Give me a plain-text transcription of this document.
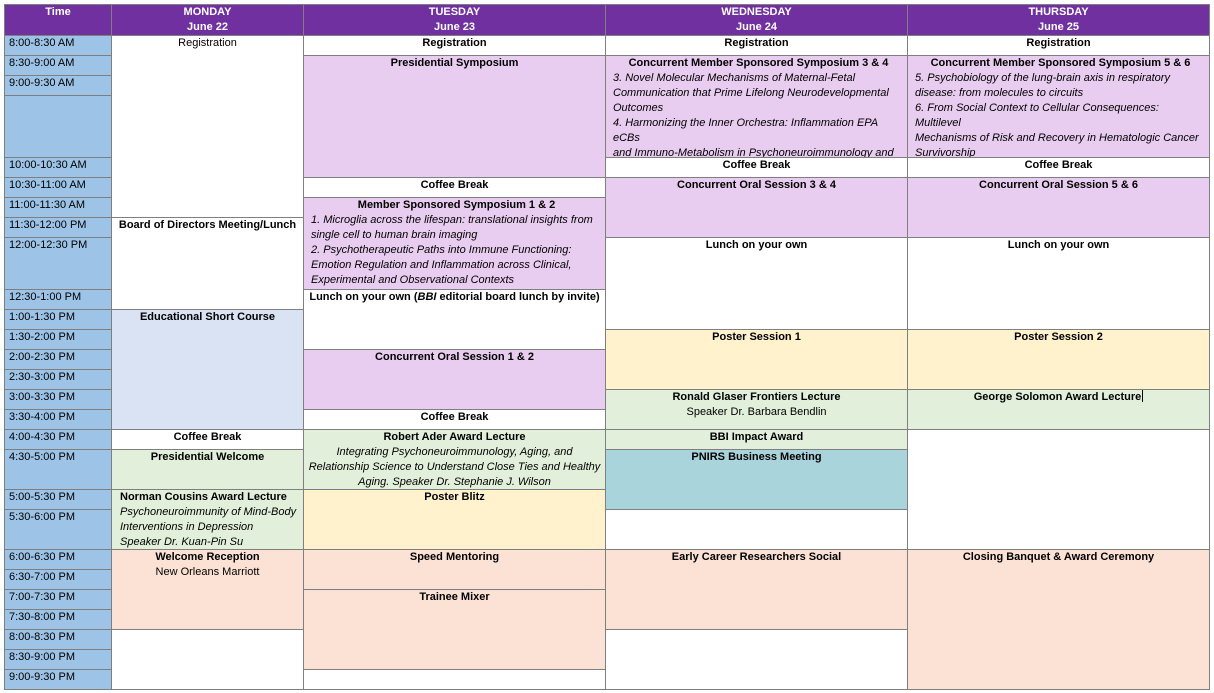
Time	MONDAY
June 22
TUESDAY
June 23
WEDNESDAY
June 24
THURSDAY
June 25
8:00-8:30 AM
8:30-9:00 AM
9:00-9:30 AM
10:00-10:30 AM
10:30-11:00 AM
11:00-11:30 AM
11:30-12:00 PM
12:00-12:30 PM
12:30-1:00 PM
1:00-1:30 PM
1:30-2:00 PM
2:00-2:30 PM
2:30-3:00 PM
3:00-3:30 PM
3:30-4:00 PM
4:00-4:30 PM
4:30-5:00 PM
5:00-5:30 PM
5:30-6:00 PM
6:00-6:30 PM
6:30-7:00 PM
7:00-7:30 PM
7:30-8:00 PM
8:00-8:30 PM
8:30-9:00 PM
9:00-9:30 PM
Registration
Board of Directors Meeting/Lunch
Educational Short Course
Coffee Break
Presidential Welcome
Norman Cousins Award Lecture
Psychoneuroimmunity of Mind-Body
Interventions in Depression
Speaker Dr. Kuan-Pin Su
Welcome Reception
New Orleans Marriott
Registration
Presidential Symposium
Coffee Break
Member Sponsored Symposium 1 & 2
1. Microglia across the lifespan: translational insights from
single cell to human brain imaging
2. Psychotherapeutic Paths into Immune Functioning:
Emotion Regulation and Inflammation across Clinical,
Experimental and Observational Contexts
Lunch on your own (BBI editorial board lunch by invite)
Concurrent Oral Session 1 & 2
Coffee Break
Robert Ader Award Lecture
Integrating Psychoneuroimmunology, Aging, and
Relationship Science to Understand Close Ties and Healthy
Aging. Speaker Dr. Stephanie J. Wilson
Poster Blitz
Speed Mentoring
Trainee Mixer
Registration
Concurrent Member Sponsored Symposium 3 & 4
3. Novel Molecular Mechanisms of Maternal-Fetal
Communication that Prime Lifelong Neurodevelopmental
Outcomes
4. Harmonizing the Inner Orchestra: Inflammation EPA eCBs
and Immuno-Metabolism in Psychoneuroimmunology and
Coffee Break
Concurrent Oral Session 3 & 4
Lunch on your own
Poster Session 1
Ronald Glaser Frontiers Lecture
Speaker Dr. Barbara Bendlin
BBI Impact Award
PNIRS Business Meeting
Early Career Researchers Social
Registration
Concurrent Member Sponsored Symposium 5 & 6
5. Psychobiology of the lung-brain axis in respiratory
disease: from molecules to circuits
6. From Social Context to Cellular Consequences: Multilevel
Mechanisms of Risk and Recovery in Hematologic Cancer
Survivorship
Coffee Break
Concurrent Oral Session 5 & 6
Lunch on your own
Poster Session 2
George Solomon Award Lecture
Closing Banquet & Award Ceremony
